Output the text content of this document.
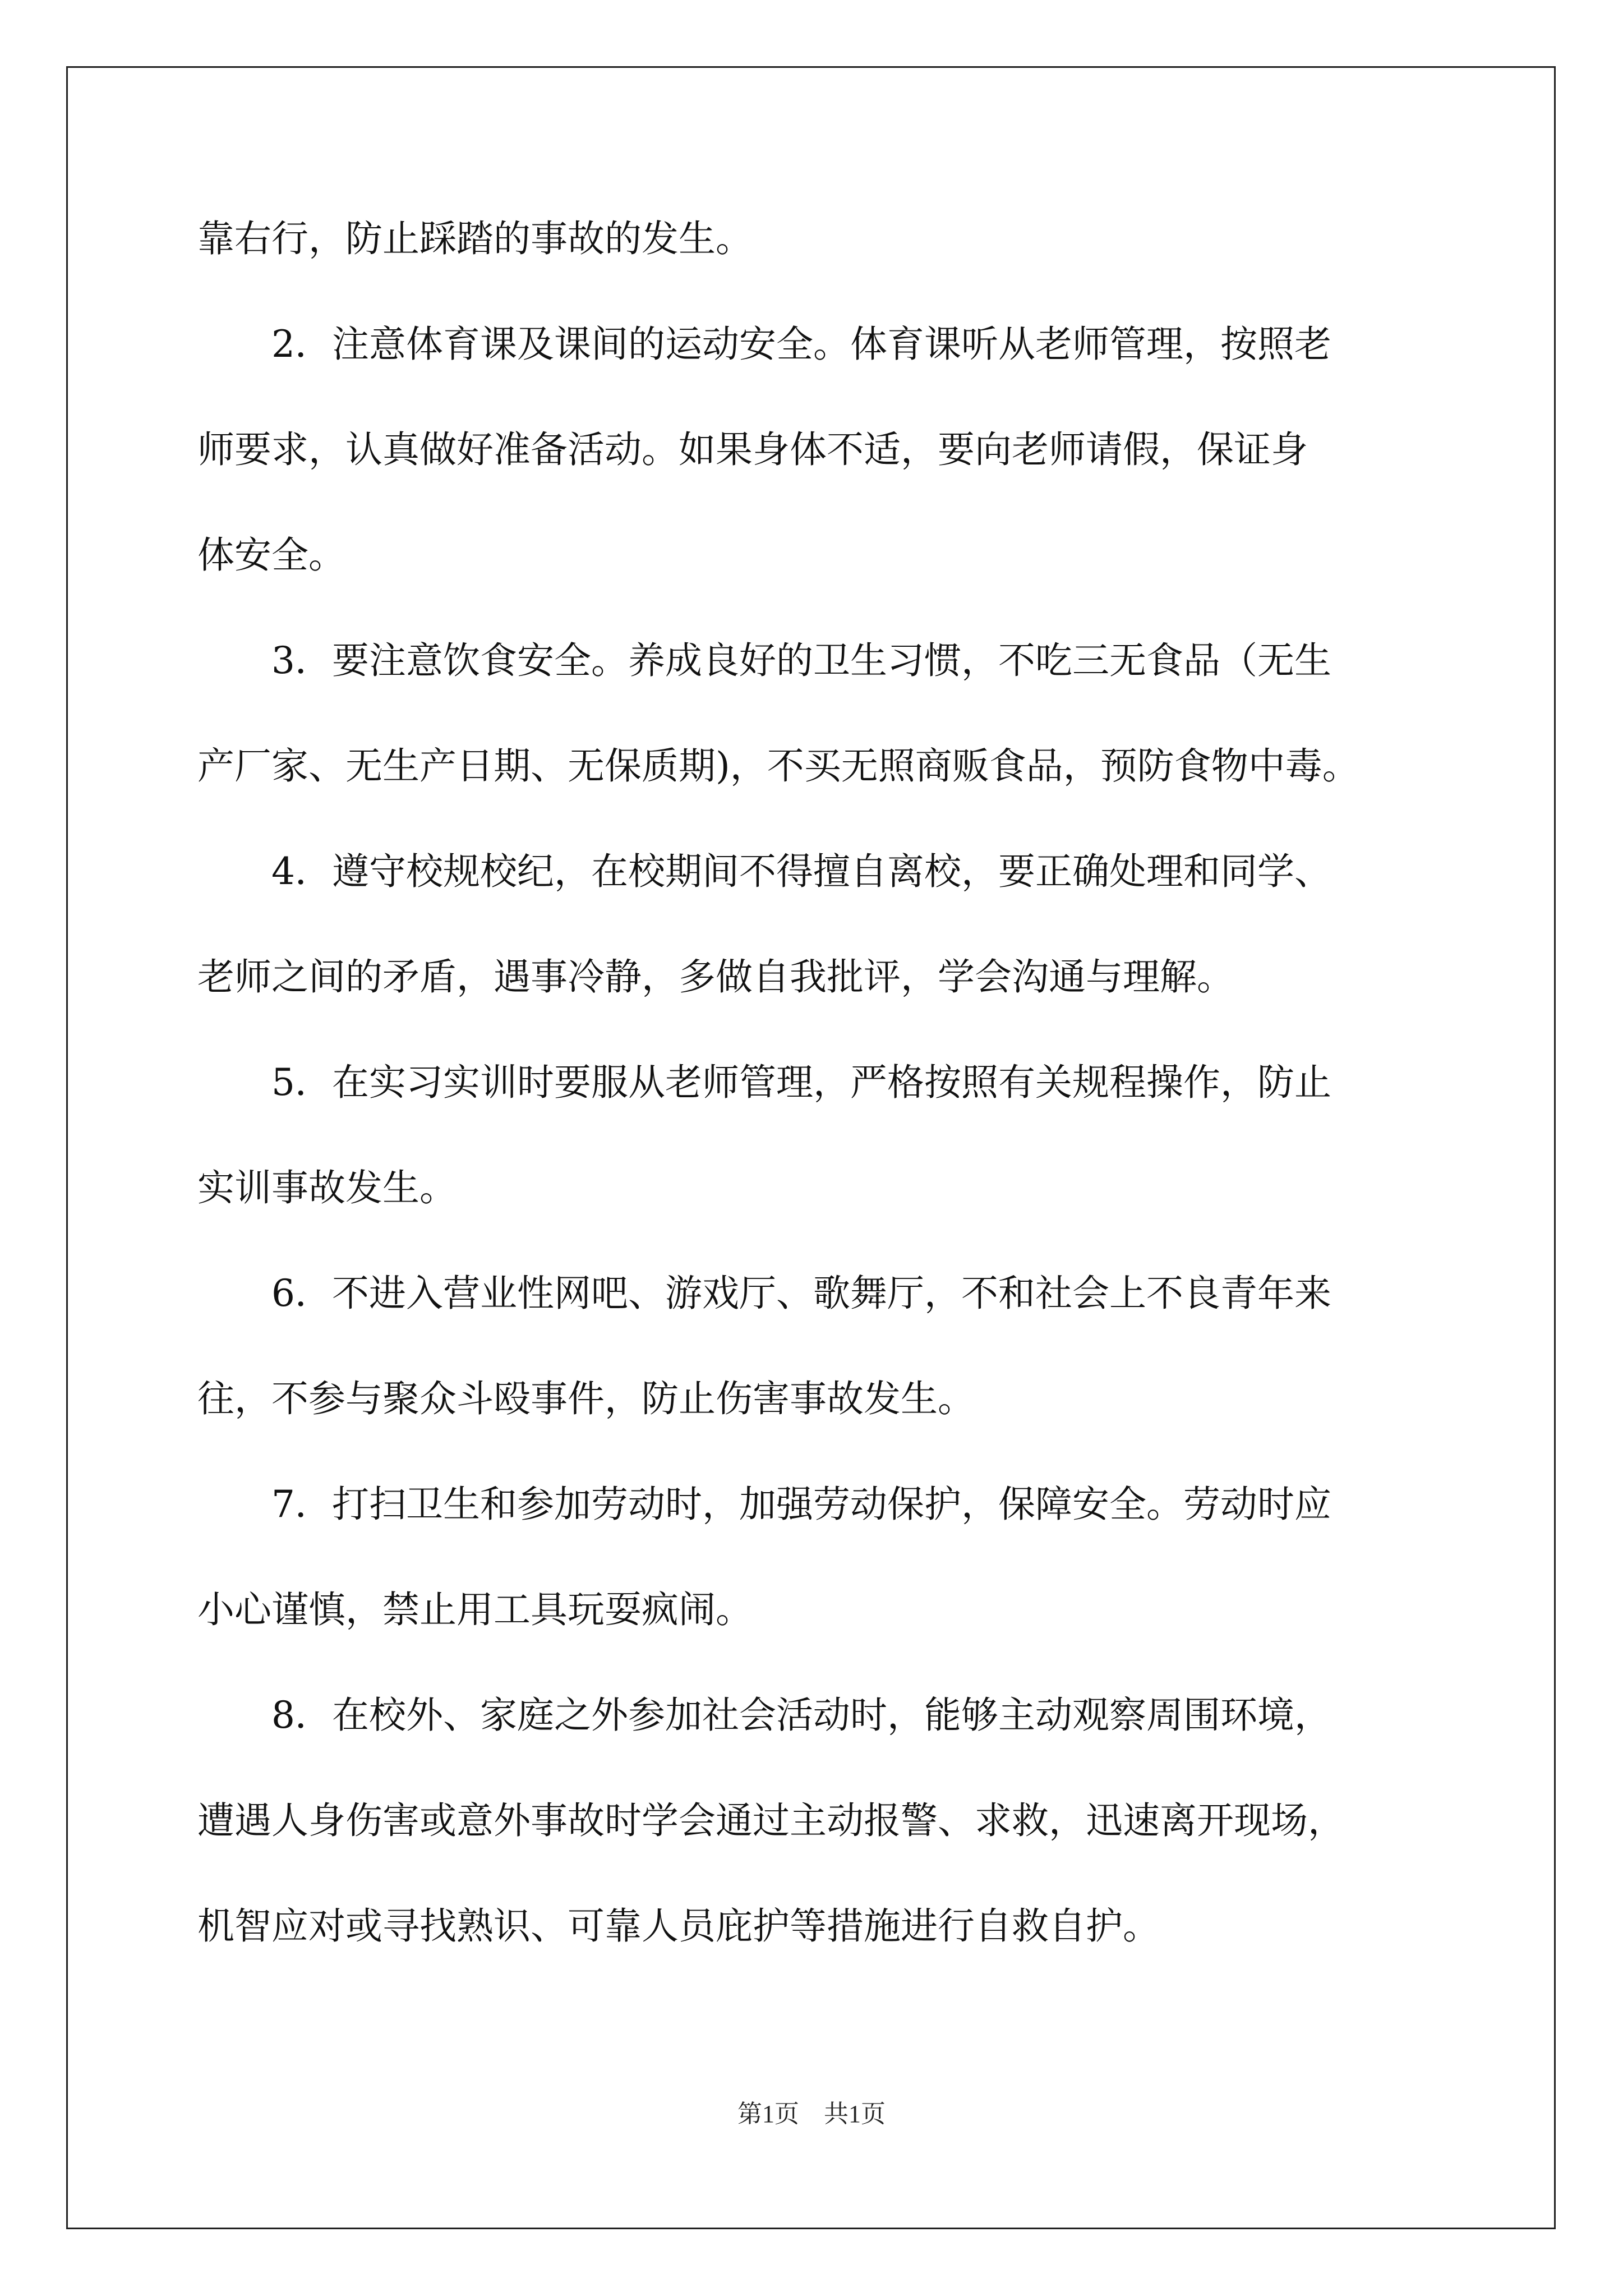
靠右行，防止踩踏的事故的发生。
2．注意体育课及课间的运动安全。体育课听从老师管理，按照老
师要求，认真做好准备活动。如果身体不适，要向老师请假，保证身
体安全。
3．要注意饮食安全。养成良好的卫生习惯，不吃三无食品（无生
产厂家、无生产日期、无保质期)，不买无照商贩食品，预防食物中毒。
4．遵守校规校纪，在校期间不得擅自离校，要正确处理和同学、
老师之间的矛盾，遇事冷静，多做自我批评，学会沟通与理解。
5．在实习实训时要服从老师管理，严格按照有关规程操作，防止
实训事故发生。
6．不进入营业性网吧、游戏厅、歌舞厅，不和社会上不良青年来
往，不参与聚众斗殴事件，防止伤害事故发生。
7．打扫卫生和参加劳动时，加强劳动保护，保障安全。劳动时应
小心谨慎，禁止用工具玩耍疯闹。
8．在校外、家庭之外参加社会活动时，能够主动观察周围环境，
遭遇人身伤害或意外事故时学会通过主动报警、求救，迅速离开现场，
机智应对或寻找熟识、可靠人员庇护等措施进行自救自护。
第1页 共1页
